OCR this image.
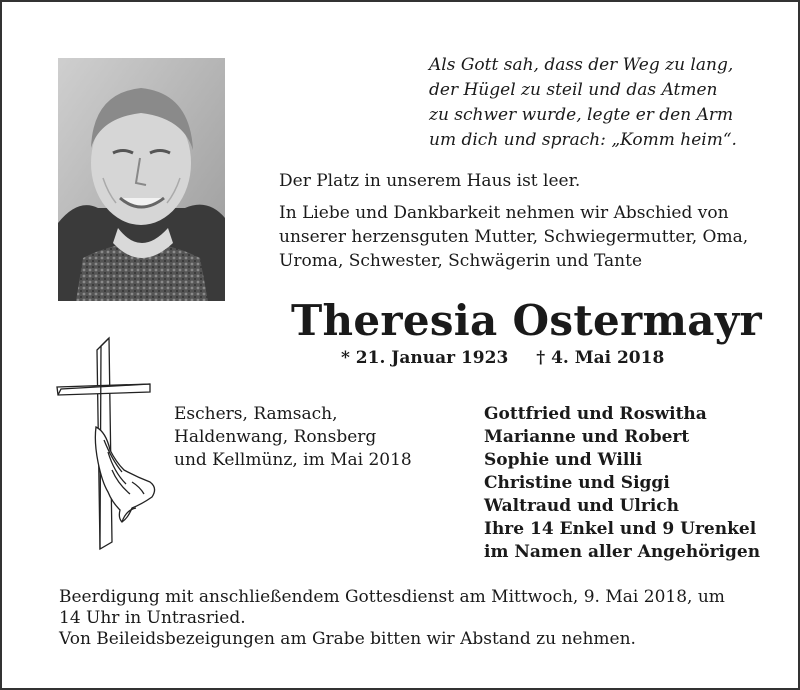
Als Gott sah, dass der Weg zu lang,
der Hügel zu steil und das Atmen
zu schwer wurde, legte er den Arm
um dich und sprach: „Komm heim“.
Der Platz in unserem Haus ist leer.
In Liebe und Dankbarkeit nehmen wir Abschied von
unserer herzensguten Mutter, Schwiegermutter, Oma,
Uroma, Schwester, Schwägerin und Tante
Theresia Ostermayr
* 21. Januar 1923 † 4. Mai 2018
Eschers, Ramsach,
Haldenwang, Ronsberg
und Kellmünz, im Mai 2018
Gottfried und Roswitha
Marianne und Robert
Sophie und Willi
Christine und Siggi
Waltraud und Ulrich
Ihre 14 Enkel und 9 Urenkel
im Namen aller Angehörigen
Beerdigung mit anschließendem Gottesdienst am Mittwoch, 9. Mai 2018, um
14 Uhr in Untrasried.
Von Beileidsbezeigungen am Grabe bitten wir Abstand zu nehmen.
